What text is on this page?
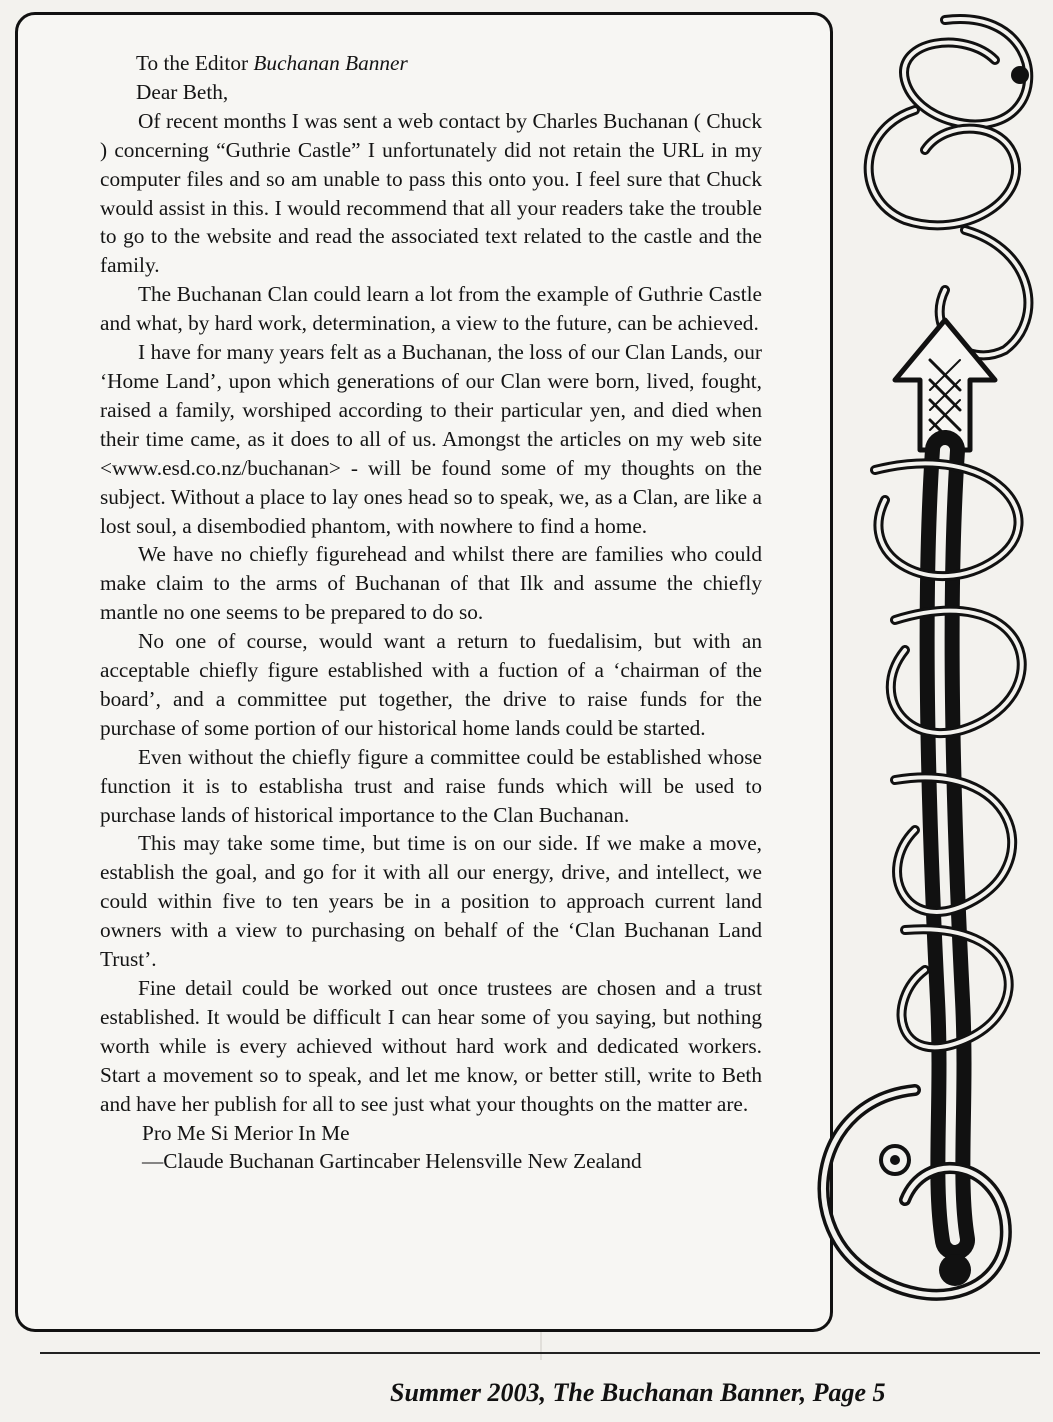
To the Editor Buchanan Banner

Dear Beth,

Of recent months I was sent a web contact by Charles Buchanan ( Chuck ) concerning “Guthrie Castle” I unfortunately did not retain the URL in my computer files and so am unable to pass this onto you. I feel sure that Chuck would assist in this. I would recommend that all your readers take the trouble to go to the website and read the associated text related to the castle and the family.

The Buchanan Clan could learn a lot from the example of Guthrie Castle and what, by hard work, determination, a view to the future, can be achieved.

I have for many years felt as a Buchanan, the loss of our Clan Lands, our ‘Home Land’, upon which generations of our Clan were born, lived, fought, raised a family, worshiped according to their particular yen, and died when their time came, as it does to all of us. Amongst the articles on my web site <www.esd.co.nz/buchanan> - will be found some of my thoughts on the subject. Without a place to lay ones head so to speak, we, as a Clan, are like a lost soul, a disembodied phantom, with nowhere to find a home.

We have no chiefly figurehead and whilst there are families who could make claim to the arms of Buchanan of that Ilk and assume the chiefly mantle no one seems to be prepared to do so.

No one of course, would want a return to fuedalisim, but with an acceptable chiefly figure established with a fuction of a ‘chairman of the board’, and a committee put together, the drive to raise funds for the purchase of some portion of our historical home lands could be started.

Even without the chiefly figure a committee could be established whose function it is to establisha trust and raise funds which will be used to purchase lands of historical importance to the Clan Buchanan.

This may take some time, but time is on our side. If we make a move, establish the goal, and go for it with all our energy, drive, and intellect, we could within five to ten years be in a position to approach current land owners with a view to purchasing on behalf of the ‘Clan Buchanan Land Trust’.

Fine detail could be worked out once trustees are chosen and a trust established. It would be difficult I can hear some of you saying, but nothing worth while is every achieved without hard work and dedicated workers. Start a movement so to speak, and let me know, or better still, write to Beth and have her publish for all to see just what your thoughts on the matter are.

Pro Me Si Merior In Me

—Claude Buchanan Gartincaber Helensville New Zealand

Summer 2003, The Buchanan Banner, Page 5
